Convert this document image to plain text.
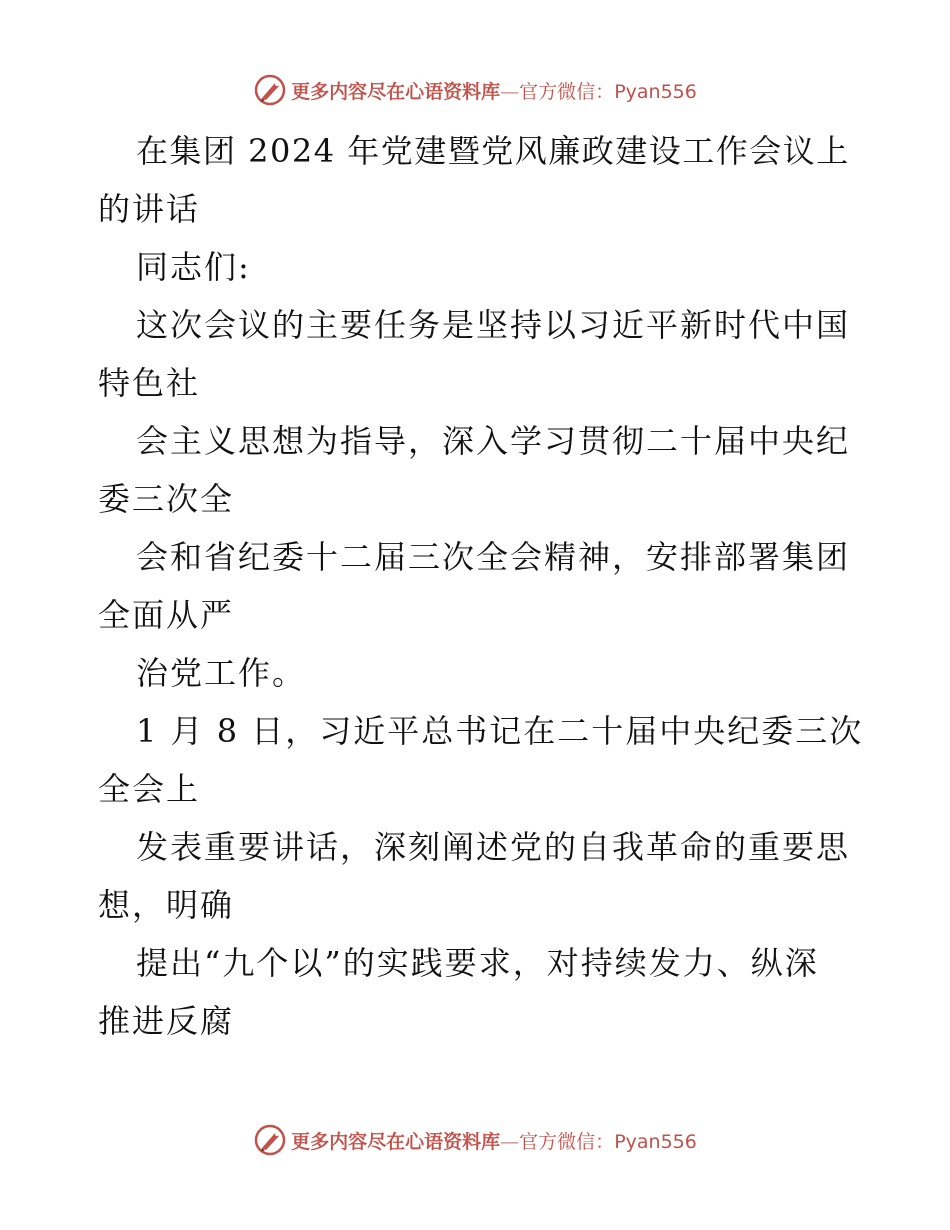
更多内容尽在心语资料库—官方微信：Pyan556
在集团 2024 年党建暨党风廉政建设工作会议上
的讲话
同志们:
这次会议的主要任务是坚持以习近平新时代中国
特色社
会主义思想为指导，深入学习贯彻二十届中央纪
委三次全
会和省纪委十二届三次全会精神，安排部署集团
全面从严
治党工作。
1 月 8 日，习近平总书记在二十届中央纪委三次
全会上
发表重要讲话，深刻阐述党的自我革命的重要思
想，明确
提出“九个以”的实践要求，对持续发力、纵深
推进反腐
更多内容尽在心语资料库—官方微信：Pyan556
